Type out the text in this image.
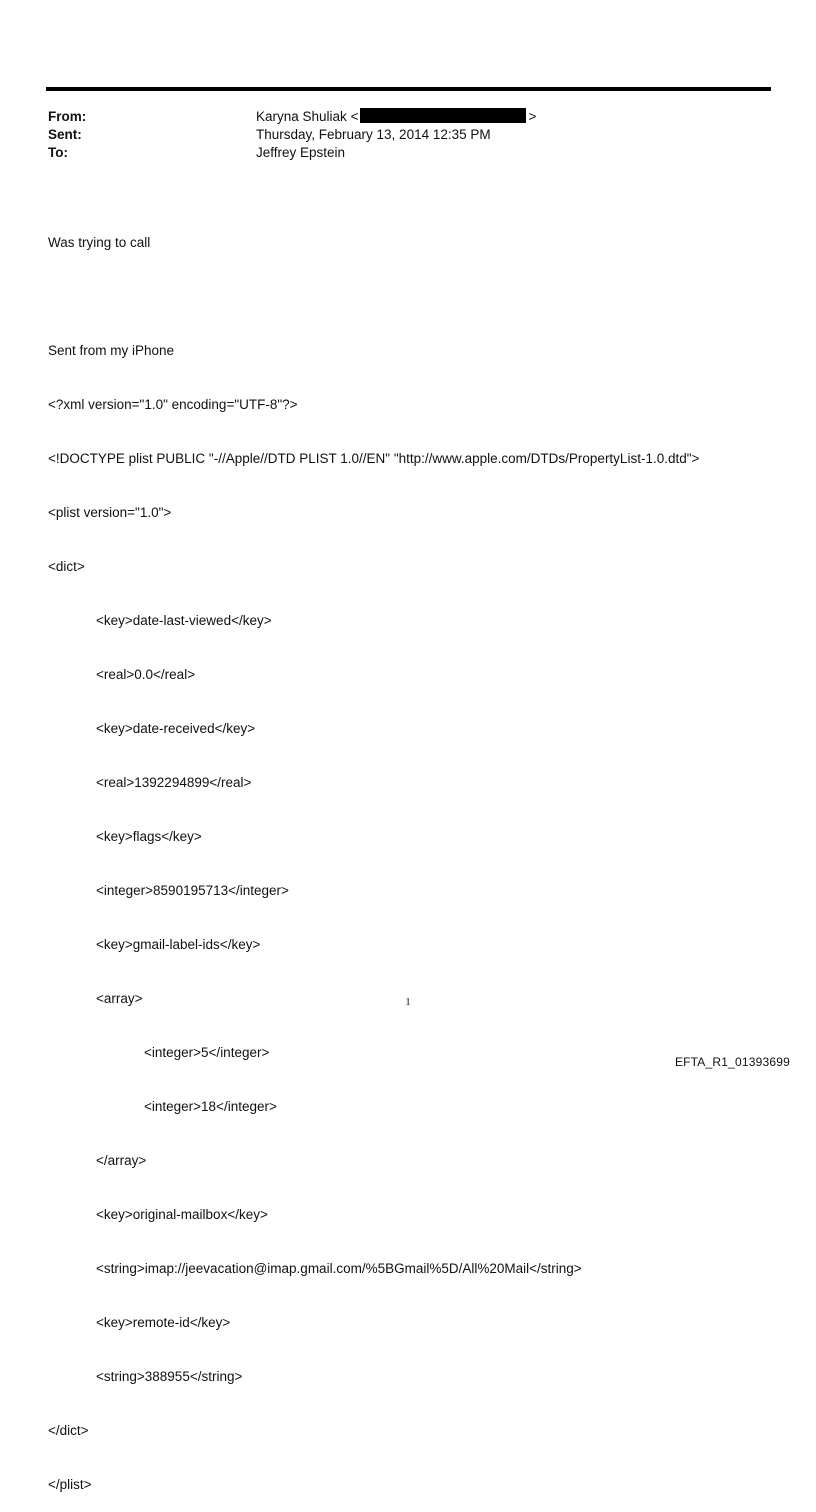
From:	Karyna Shuliak <	>
Sent:	Thursday, February 13, 2014 12:35 PM
To:	Jeffrey Epstein

Was trying to call

Sent from my iPhone

<?xml version="1.0" encoding="UTF-8"?>

<!DOCTYPE plist PUBLIC "-//Apple//DTD PLIST 1.0//EN" "http://www.apple.com/DTDs/PropertyList-1.0.dtd">

<plist version="1.0">

<dict>

<key>date-last-viewed</key>

<real>0.0</real>

<key>date-received</key>

<real>1392294899</real>

<key>flags</key>

<integer>8590195713</integer>

<key>gmail-label-ids</key>

<array>

<integer>5</integer>

<integer>18</integer>

</array>

<key>original-mailbox</key>

<string>imap://jeevacation@imap.gmail.com/%5BGmail%5D/All%20Mail</string>

<key>remote-id</key>

<string>388955</string>

</dict>

</plist>

1
EFTA_R1_01393699
